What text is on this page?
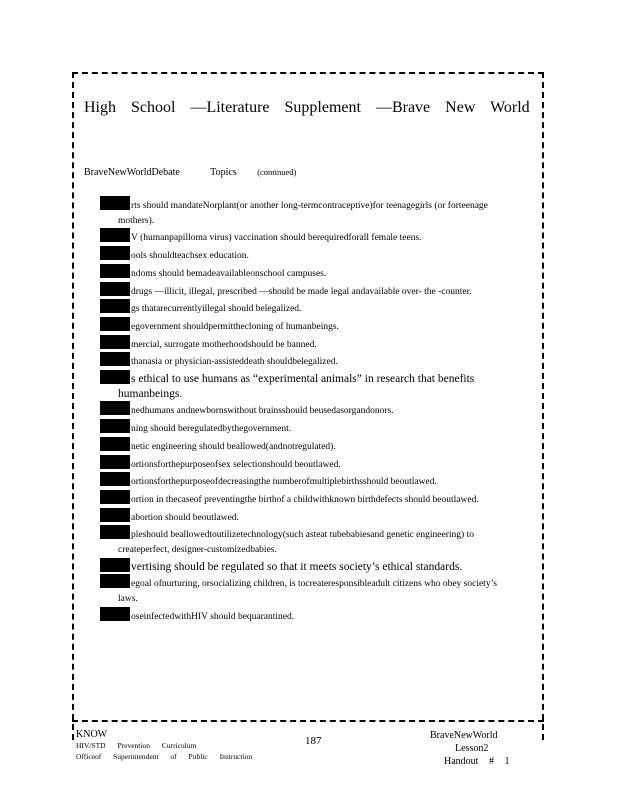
High School —Literature Supplement —Brave New World
BraveNewWorldDebate	Topics (continued)
rts should mandateNorplant(or another long-termcontraceptive)for teenagegirls (or forteenage mothers).
V (humanpapilloma virus) vaccination should berequiredforall female teens.
ools shouldteachsex education.
ndoms should bemadeavailableonschool campuses.
drugs —illicit, illegal, prescribed —should be made legal andavailable over- the -counter.
gs thatarecurrentlyillegal should belegalized.
egovernment shouldpermitthecloning of humanbeings.
mercial, surrogate motherhoodshould be banned.
thanasia or physician-assisteddeath shouldbelegalized.
s ethical to use humans as “experimental animals” in research that benefits humanbeings.
nedhumans andnewbornswithout brainsshould beusedasorgandonors.
ning should beregulatedbythegovernment.
netic engineering should beallowed(andnotregulated).
ortionsforthepurposeofsex selectionshould beoutlawed.
ortionsforthepurposeofdecreasingthe numberofmultiplebirthsshould beoutlawed.
ortion in thecaseof preventingthe birthof a childwithknown birthdefects should beoutlawed.
abortion should beoutlawed.
pleshould beallowedtoutilizetechnology(such asteat tubebabiesand genetic engineering) to createperfect, designer-customizedbabies.
vertising should be regulated so that it meets society’s ethical standards.
egoal ofnurturing, orsocializing children, is tocreateresponsibleadult citizens who obey society’s laws.
oseinfectedwithHIV should bequarantined.
KNOW
HIV/STD Prevention Curriculum
Officeof Superintendent of Public Instruction
187	BraveNewWorld
Lesson2
Handout # 1
